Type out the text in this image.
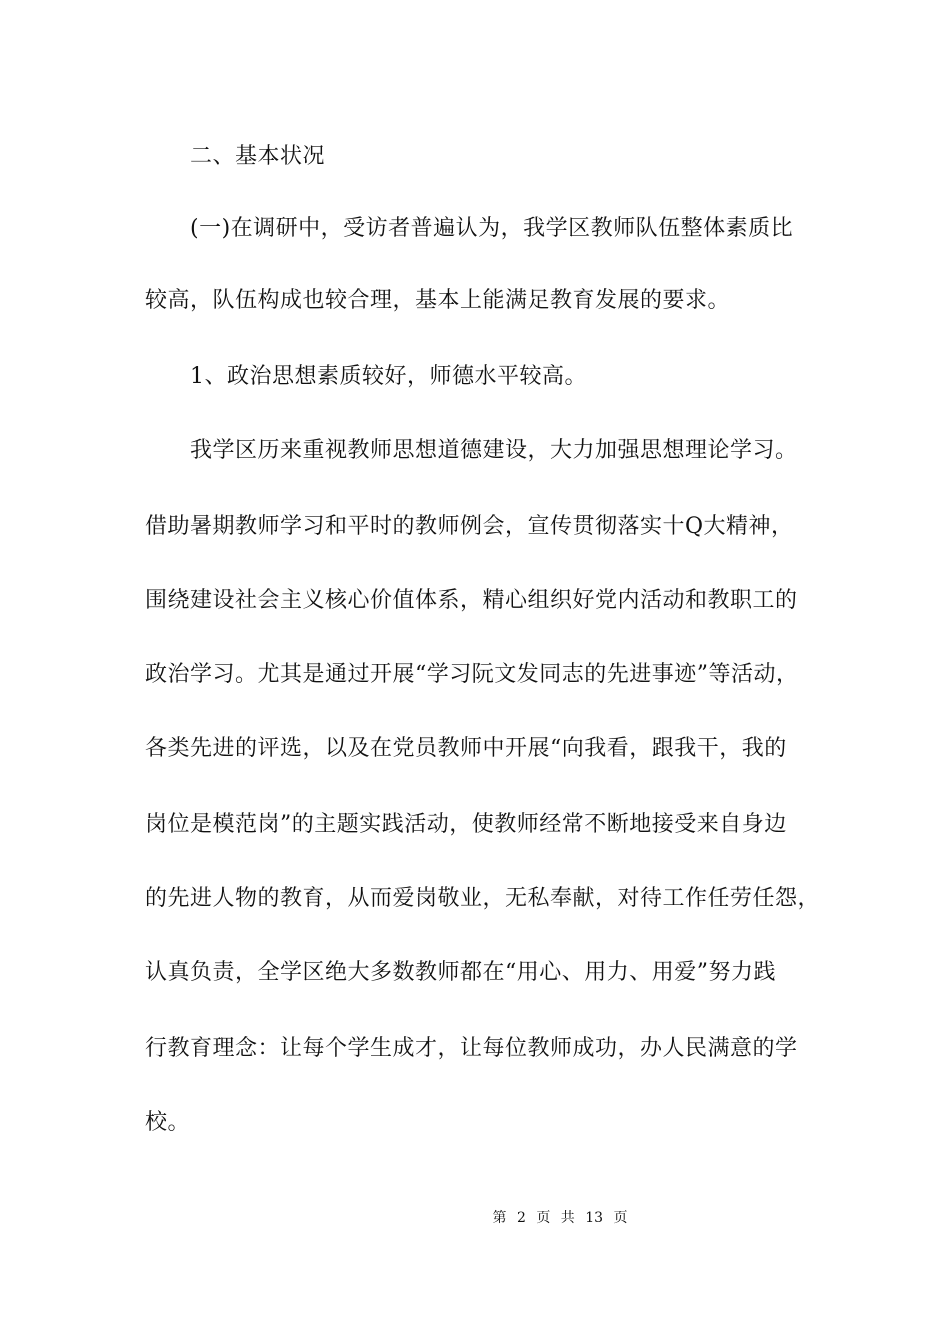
二、基本状况
(一)在调研中，受访者普遍认为，我学区教师队伍整体素质比
较高，队伍构成也较合理，基本上能满足教育发展的要求。
1、政治思想素质较好，师德水平较高。
我学区历来重视教师思想道德建设，大力加强思想理论学习。
借助暑期教师学习和平时的教师例会，宣传贯彻落实十Q大精神，
围绕建设社会主义核心价值体系，精心组织好党内活动和教职工的
政治学习。尤其是通过开展“学习阮文发同志的先进事迹”等活动，
各类先进的评选，以及在党员教师中开展“向我看，跟我干，我的
岗位是模范岗”的主题实践活动，使教师经常不断地接受来自身边
的先进人物的教育，从而爱岗敬业，无私奉献，对待工作任劳任怨，
认真负责，全学区绝大多数教师都在“用心、用力、用爱”努力践
行教育理念：让每个学生成才，让每位教师成功，办人民满意的学
校。
第 2 页 共 13 页
